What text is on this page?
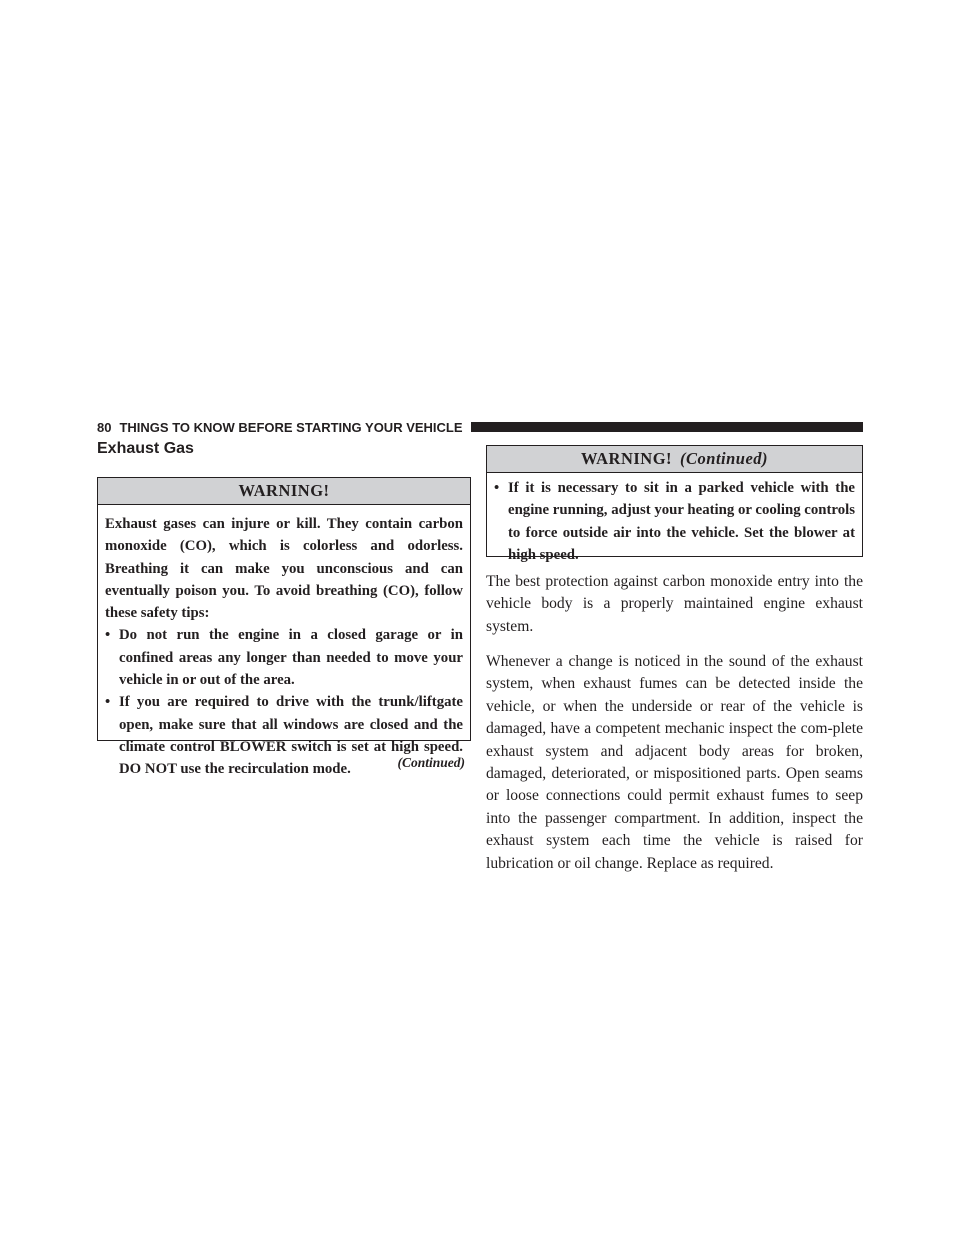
80 THINGS TO KNOW BEFORE STARTING YOUR VEHICLE
Exhaust Gas
WARNING!

Exhaust gases can injure or kill. They contain carbon monoxide (CO), which is colorless and odorless. Breathing it can make you unconscious and can eventually poison you. To avoid breathing (CO), follow these safety tips:

• Do not run the engine in a closed garage or in confined areas any longer than needed to move your vehicle in or out of the area.
• If you are required to drive with the trunk/liftgate open, make sure that all windows are closed and the climate control BLOWER switch is set at high speed. DO NOT use the recirculation mode.	(Continued)
WARNING! (Continued)
• If it is necessary to sit in a parked vehicle with the engine running, adjust your heating or cooling controls to force outside air into the vehicle. Set the blower at high speed.

The best protection against carbon monoxide entry into the vehicle body is a properly maintained engine exhaust system.

Whenever a change is noticed in the sound of the exhaust system, when exhaust fumes can be detected inside the vehicle, or when the underside or rear of the vehicle is damaged, have a competent mechanic inspect the com-plete exhaust system and adjacent body areas for broken, damaged, deteriorated, or mispositioned parts. Open seams or loose connections could permit exhaust fumes to seep into the passenger compartment. In addition, inspect the exhaust system each time the vehicle is raised for lubrication or oil change. Replace as required.
